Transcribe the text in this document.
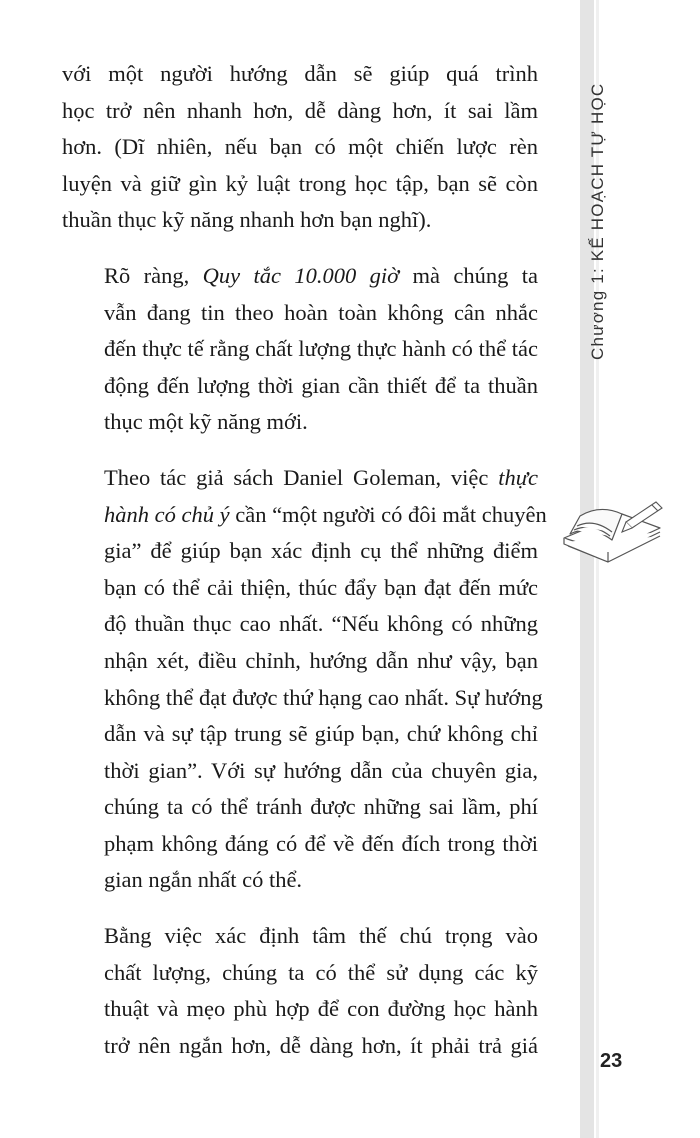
với một người hướng dẫn sẽ giúp quá trình
học trở nên nhanh hơn, dễ dàng hơn, ít sai lầm
hơn. (Dĩ nhiên, nếu bạn có một chiến lược rèn
luyện và giữ gìn kỷ luật trong học tập, bạn sẽ còn
thuần thục kỹ năng nhanh hơn bạn nghĩ).
Rõ ràng, Quy tắc 10.000 giờ mà chúng ta
vẫn đang tin theo hoàn toàn không cân nhắc
đến thực tế rằng chất lượng thực hành có thể tác
động đến lượng thời gian cần thiết để ta thuần
thục một kỹ năng mới.
Theo tác giả sách Daniel Goleman, việc thực
hành có chủ ý cần “một người có đôi mắt chuyên
gia” để giúp bạn xác định cụ thể những điểm
bạn có thể cải thiện, thúc đẩy bạn đạt đến mức
độ thuần thục cao nhất. “Nếu không có những
nhận xét, điều chỉnh, hướng dẫn như vậy, bạn
không thể đạt được thứ hạng cao nhất. Sự hướng
dẫn và sự tập trung sẽ giúp bạn, chứ không chỉ
thời gian”. Với sự hướng dẫn của chuyên gia,
chúng ta có thể tránh được những sai lầm, phí
phạm không đáng có để về đến đích trong thời
gian ngắn nhất có thể.
Bằng việc xác định tâm thế chú trọng vào
chất lượng, chúng ta có thể sử dụng các kỹ
thuật và mẹo phù hợp để con đường học hành
trở nên ngắn hơn, dễ dàng hơn, ít phải trả giá
Chương 1: KẾ HOẠCH TỰ HỌC
23
